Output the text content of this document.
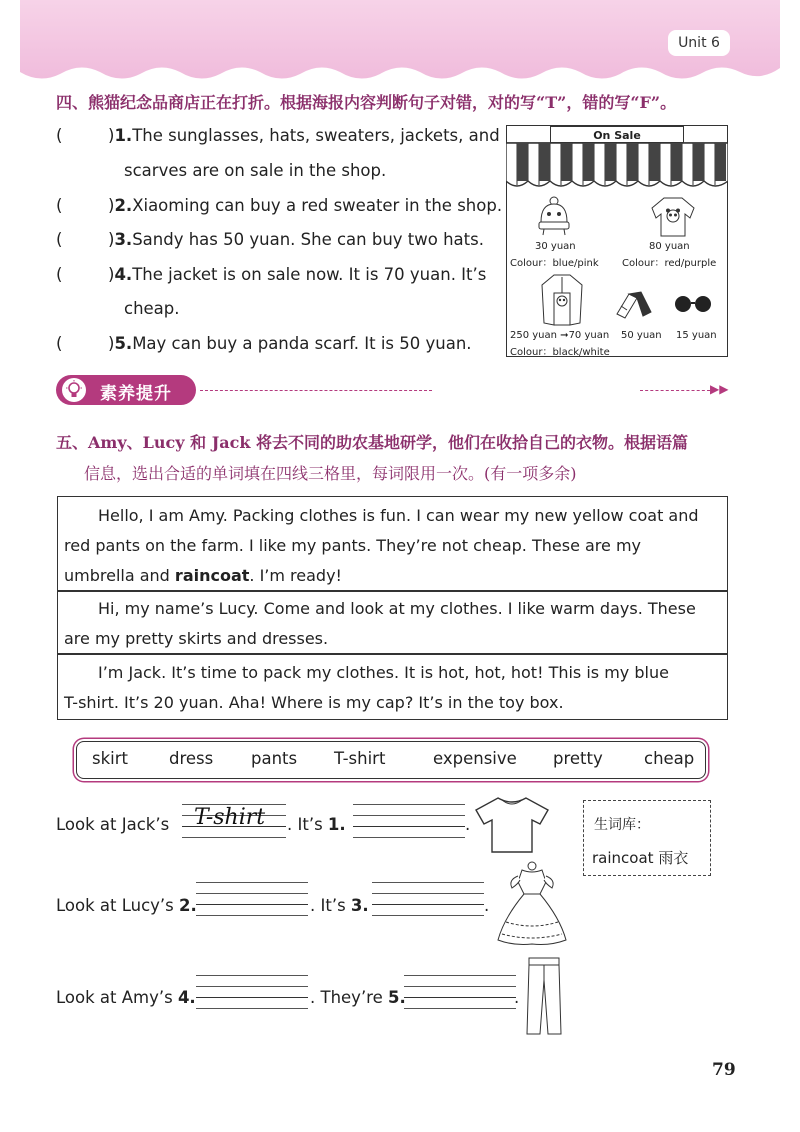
Unit 6
四、熊猫纪念品商店正在打折。根据海报内容判断句子对错，对的写“T”，错的写“F”。
(	)1.The sunglasses, hats, sweaters, jackets, and
scarves are on sale in the shop.
(	)2.Xiaoming can buy a red sweater in the shop.
(	)3.Sandy has 50 yuan. She can buy two hats.
(	)4.The jacket is on sale now. It is 70 yuan. It’s
cheap.
(	)5.May can buy a panda scarf. It is 50 yuan.
On Sale
30 yuan
Colour：blue/pink
80 yuan
Colour：red/purple
250 yuan ➞70 yuan
Colour：black/white
50 yuan 15 yuan
素养提升	▶▶
五、Amy、Lucy 和 Jack 将去不同的助农基地研学，他们在收拾自己的衣物。根据语篇
信息，选出合适的单词填在四线三格里，每词限用一次。(有一项多余)
Hello, I am Amy. Packing clothes is fun. I can wear my new yellow coat and
red pants on the farm. I like my pants. They’re not cheap. These are my
umbrella and raincoat. I’m ready!
Hi, my name’s Lucy. Come and look at my clothes. I like warm days. These
are my pretty skirts and dresses.
I’m Jack. It’s time to pack my clothes. It is hot, hot, hot! This is my blue
T-shirt. It’s 20 yuan. Aha! Where is my cap? It’s in the toy box.
skirt dress pants T-shirt	expensive pretty	cheap
Look at Jack’s T-shirt . It’s 1.	.	生词库：
raincoat 雨衣
Look at Lucy’s 2.	. It’s 3.	.
Look at Amy’s 4.	. They’re 5.	.
79
